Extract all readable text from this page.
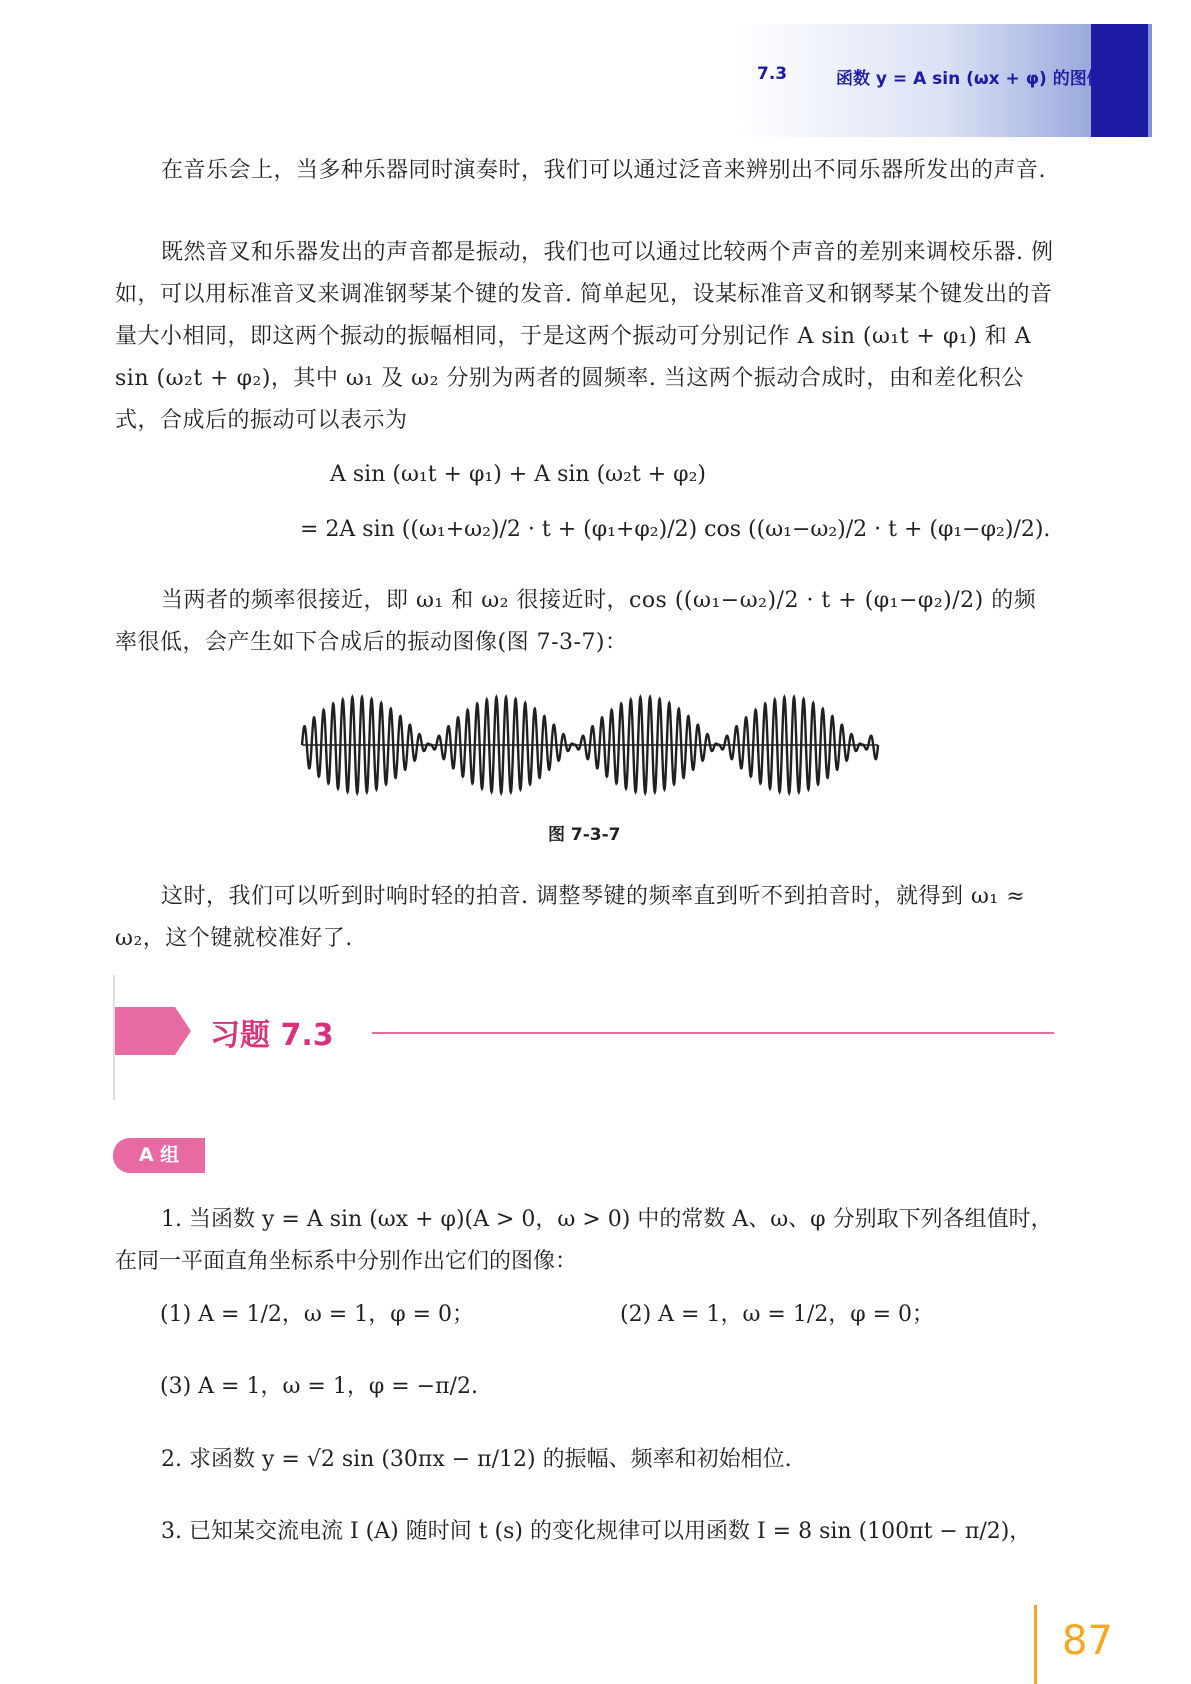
7.3	函数 y = A sin (ωx + φ) 的图像
在音乐会上，当多种乐器同时演奏时，我们可以通过泛音来辨别出不同乐器所发出的声音.
既然音叉和乐器发出的声音都是振动，我们也可以通过比较两个声音的差别来调校乐器. 例如，可以用标准音叉来调准钢琴某个键的发音. 简单起见，设某标准音叉和钢琴某个键发出的音量大小相同，即这两个振动的振幅相同，于是这两个振动可分别记作 A sin (ω₁t + φ₁) 和 A sin (ω₂t + φ₂)，其中 ω₁ 及 ω₂ 分别为两者的圆频率. 当这两个振动合成时，由和差化积公式，合成后的振动可以表示为
A sin (ω₁t + φ₁) + A sin (ω₂t + φ₂)
= 2A sin ((ω₁+ω₂)/2 · t + (φ₁+φ₂)/2) cos ((ω₁−ω₂)/2 · t + (φ₁−φ₂)/2).
当两者的频率很接近，即 ω₁ 和 ω₂ 很接近时，cos ((ω₁−ω₂)/2 · t + (φ₁−φ₂)/2) 的频率很低，会产生如下合成后的振动图像(图 7-3-7)：
图 7-3-7
这时，我们可以听到时响时轻的拍音. 调整琴键的频率直到听不到拍音时，就得到 ω₁ ≈ ω₂，这个键就校准好了.
习题 7.3
A 组
1. 当函数 y = A sin (ωx + φ)(A > 0，ω > 0) 中的常数 A、ω、φ 分别取下列各组值时，在同一平面直角坐标系中分别作出它们的图像：
(1) A = 1/2，ω = 1，φ = 0；	(2) A = 1，ω = 1/2，φ = 0；
(3) A = 1，ω = 1，φ = −π/2.
2. 求函数 y = √2 sin (30πx − π/12) 的振幅、频率和初始相位.
3. 已知某交流电流 I (A) 随时间 t (s) 的变化规律可以用函数 I = 8 sin (100πt − π/2)，
87
